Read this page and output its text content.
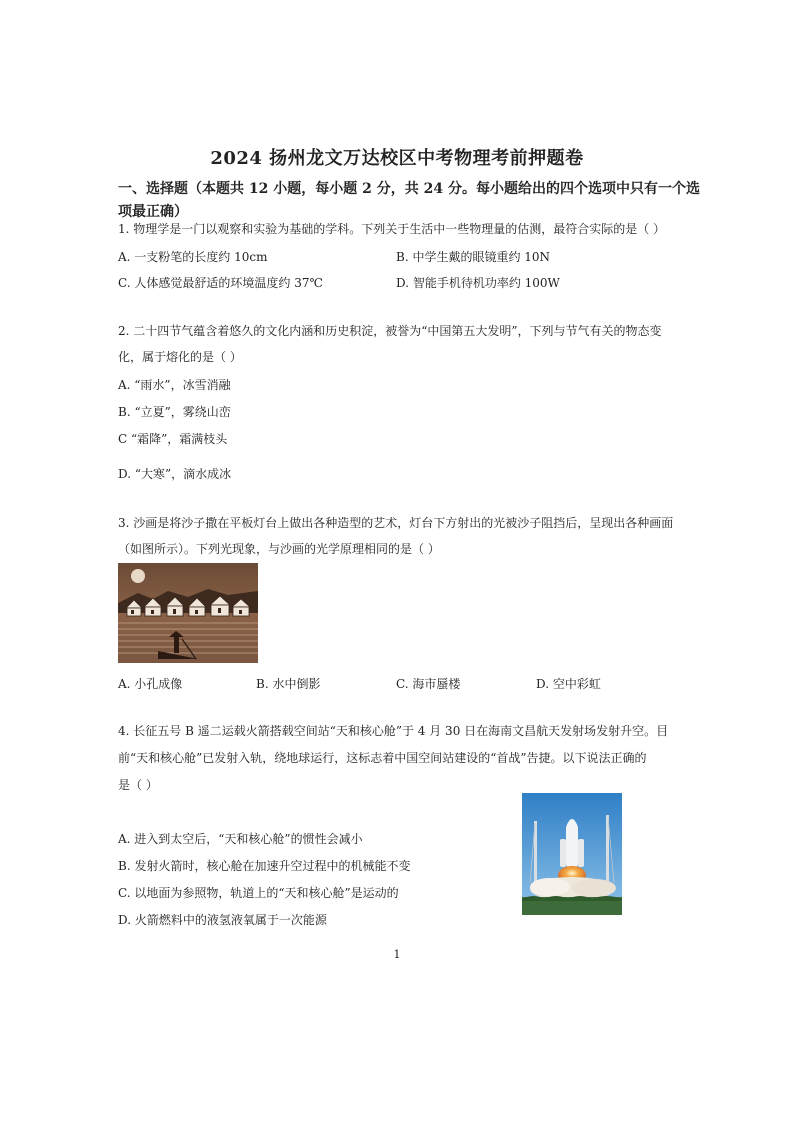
2024 扬州龙文万达校区中考物理考前押题卷
一、选择题（本题共 12 小题，每小题 2 分，共 24 分。每小题给出的四个选项中只有一个选
项最正确）
1. 物理学是一门以观察和实验为基础的学科。下列关于生活中一些物理量的估测，最符合实际的是（ ）
A. 一支粉笔的长度约 10cm	B. 中学生戴的眼镜重约 10N
C. 人体感觉最舒适的环境温度约 37℃	D. 智能手机待机功率约 100W
2. 二十四节气蕴含着悠久的文化内涵和历史积淀，被誉为“中国第五大发明”，下列与节气有关的物态变
化，属于熔化的是（ ）
A. “雨水”，冰雪消融
B. “立夏”，雾绕山峦
C “霜降”，霜满枝头
D. “大寒”，滴水成冰
3. 沙画是将沙子撒在平板灯台上做出各种造型的艺术，灯台下方射出的光被沙子阻挡后，呈现出各种画面
（如图所示）。下列光现象，与沙画的光学原理相同的是（ ）
A. 小孔成像	B. 水中倒影	C. 海市蜃楼	D. 空中彩虹
4. 长征五号 B 遥二运载火箭搭载空间站“天和核心舱”于 4 月 30 日在海南文昌航天发射场发射升空。目
前“天和核心舱”已发射入轨，绕地球运行，这标志着中国空间站建设的“首战”告捷。以下说法正确的
是（ ）
A. 进入到太空后，“天和核心舱”的惯性会减小
B. 发射火箭时，核心舱在加速升空过程中的机械能不变
C. 以地面为参照物，轨道上的“天和核心舱”是运动的
D. 火箭燃料中的液氢液氧属于一次能源
1
